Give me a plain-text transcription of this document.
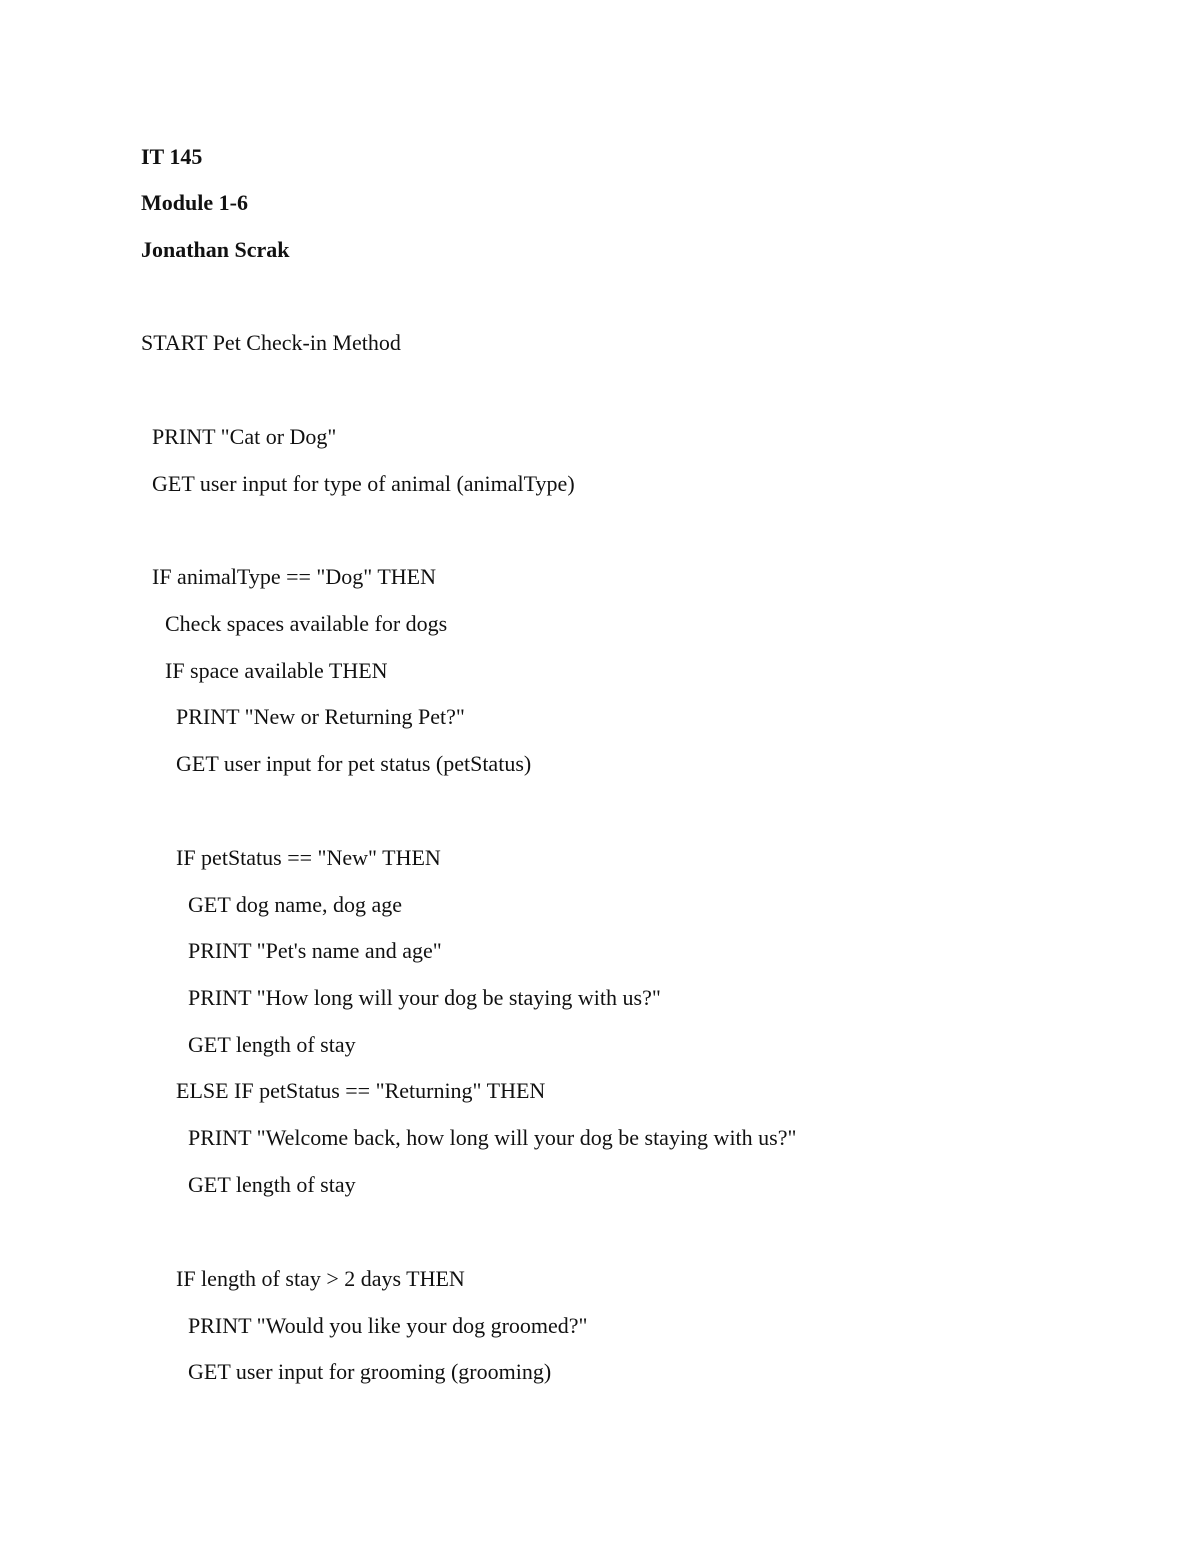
IT 145
Module 1-6
Jonathan Scrak
START Pet Check-in Method
PRINT "Cat or Dog"
GET user input for type of animal (animalType)
IF animalType == "Dog" THEN
Check spaces available for dogs
IF space available THEN
PRINT "New or Returning Pet?"
GET user input for pet status (petStatus)
IF petStatus == "New" THEN
GET dog name, dog age
PRINT "Pet's name and age"
PRINT "How long will your dog be staying with us?"
GET length of stay
ELSE IF petStatus == "Returning" THEN
PRINT "Welcome back, how long will your dog be staying with us?"
GET length of stay
IF length of stay > 2 days THEN
PRINT "Would you like your dog groomed?"
GET user input for grooming (grooming)
